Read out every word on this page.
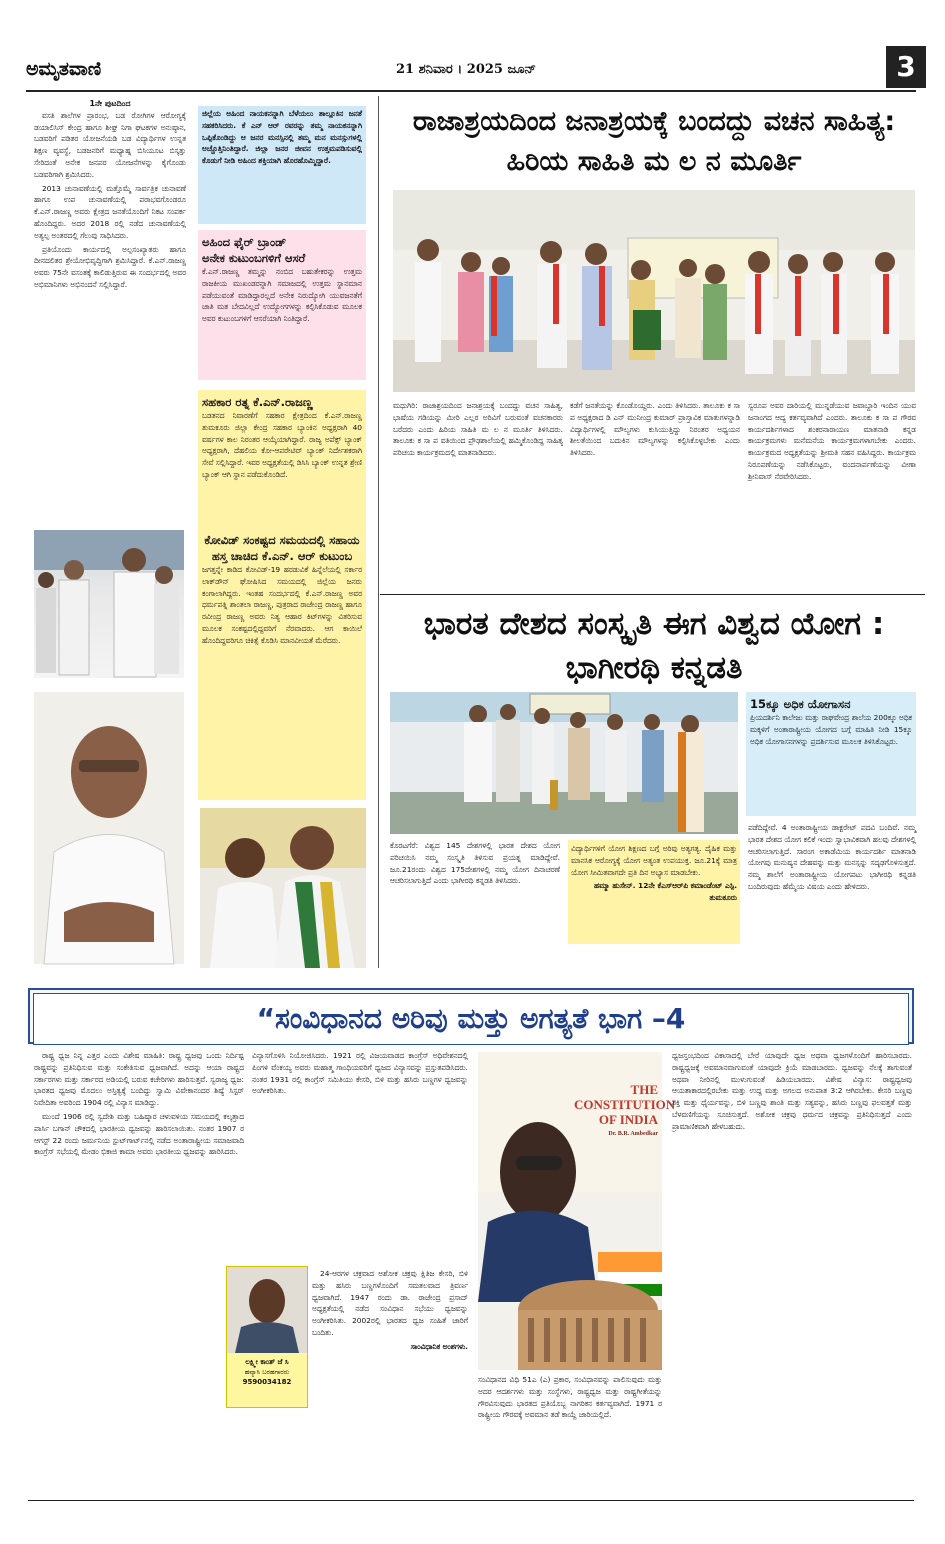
ಅಮೃತವಾಣಿ	21 ಶನಿವಾರ । 2025 ಜೂನ್	3
1ನೇ ಪುಟದಿಂದ

ವಸತಿ ಶಾಲೆಗಳ ಪ್ರಾರಂಭ, ಬಡ ರೋಗಿಗಳ ಆರೋಗ್ಯಕ್ಕೆ ಡಯಾಲಿಸಿಸ್ ಕೇಂದ್ರ ಹಾಗೂ ಶೀಘ್ರ ನಿಗಾ ಘಟಕಗಳ ಅನುಷ್ಠಾನ, ಬಡವರಿಗೆ ಪಡಿತರ ಯೋಜನೆಯಡಿ ಬಡ ವಿದ್ಯಾರ್ಥಿಗಳ ಉನ್ನತ ಶಿಕ್ಷಣ ವ್ಯವಸ್ಥೆ, ಬಡಜನರಿಗೆ ಮಧ್ಯಾಹ್ನ ಬಿಸಿಯೂಟ ಬಿಸ್ಕತ್ತು ಸೇರಿದಂತೆ ಅನೇಕ ಜನಪರ ಯೋಜನೆಗಳನ್ನು ಕೈಗೊಂಡು ಬಡವರಿಗಾಗಿ ಶ್ರಮಿಸಿದರು.

2013 ಚುನಾವಣೆಯಲ್ಲಿ ಮತ್ತೊಮ್ಮೆ ಸಾರ್ವತ್ರಿಕ ಚುನಾವಣೆ ಹಾಗೂ ಉಪ ಚುನಾವಣೆಯಲ್ಲಿ ಪರಾಭವಗೊಂಡರೂ ಕೆ.ಎನ್.ರಾಜಣ್ಣ ಅವರು ಕ್ಷೇತ್ರದ ಜನತೆಯೊಂದಿಗೆ ನಿಕಟ ಸಂಪರ್ಕ ಹೊಂದಿದ್ದರು. ಅದರ 2018 ರಲ್ಲಿ ನಡೆದ ಚುನಾವಣೆಯಲ್ಲಿ ಅತ್ಯಲ್ಪ ಅಂತರದಲ್ಲಿ ಗೆಲುವು ಸಾಧಿಸಿದರು.

ಪ್ರತಿಯೊಂದು ಕಾರ್ಯದಲ್ಲಿ ಅಲ್ಪಸಂಖ್ಯಾತರು ಹಾಗೂ ದೀನದಲಿತರ ಶ್ರೇಯೋಭಿವೃದ್ಧಿಗಾಗಿ ಶ್ರಮಿಸಿದ್ದಾರೆ. ಕೆ.ಎನ್.ರಾಜಣ್ಣ ಅವರು 75ನೇ ವಸಂತಕ್ಕೆ ಕಾಲಿಡುತ್ತಿರುವ ಈ ಸಂದರ್ಭದಲ್ಲಿ ಅವರ ಅಭಿಮಾನಿಗಳು ಅಭಿನಂದನೆ ಸಲ್ಲಿಸಿದ್ದಾರೆ.

ಜಿಲ್ಲೆಯ ಅಹಿಂದ ನಾಯಕನನ್ನಾಗಿ ಬೆಳೆಯಲು ತಾಲ್ಲೂಕಿನ ಜನತೆ ಸಹಕರಿಸಿದರು. ಕೆ ಎನ್ ಆರ್ ರವರನ್ನು ತಮ್ಮ ನಾಯಕನನ್ನಾಗಿ ಒಪ್ಪಿಕೊಂಡಿದ್ದು ಆ ಜನರ ಮನಸ್ಸಿನಲ್ಲಿ ತಮ್ಮ ಮನ ಮನಸ್ಸುಗಳಲ್ಲಿ ಅಚ್ಚೊತ್ತಿನಿಂತಿದ್ದಾರೆ. ಜಿಲ್ಲಾ ಜನರ ಜೀವನ ಉತ್ತಮಪಡಿಸುವಲ್ಲಿ ಕೊಡುಗೆ ನೀಡಿ ಅಹಿಂದ ಶಕ್ತಿಯಾಗಿ ಹೊರಹೊಮ್ಮಿದ್ದಾರೆ.
ಅಹಿಂದ ಫೈರ್ ಬ್ರಾಂಡ್
ಅನೇಕ ಕುಟುಂಬಗಳಿಗೆ ಆಸರೆ
ಕೆ.ಎನ್.ರಾಜಣ್ಣ ತಮ್ಮನ್ನು ನಂಬಿದ ಬಹುತೇಕರನ್ನು ಉತ್ತಮ ರಾಜಕೀಯ ಮುಖಂಡರನ್ನಾಗಿ ಸಮಾಜದಲ್ಲಿ ಉತ್ತಮ ಸ್ಥಾನಮಾನ ಪಡೆಯುವಂತೆ ಮಾಡಿದ್ದಾರಲ್ಲದೆ ಅನೇಕ ನಿರುದ್ಯೋಗಿ ಯುವಜನತೆಗೆ ಜಾತಿ ಮತ ಬೇದವಿಲ್ಲದೆ ಉದ್ಯೋಗಗಳನ್ನು ಕಲ್ಪಿಸಿಕೊಡುವ ಮೂಲಕ ಅವರ ಕುಟುಂಬಗಳಿಗೆ ಆಸರೆಯಾಗಿ ನಿಂತಿದ್ದಾರೆ.
ಸಹಕಾರ ರತ್ನ ಕೆ.ಎನ್.ರಾಜಣ್ಣ
ಬಡತನದ ನಿವಾರಣೆಗೆ ಸಹಕಾರ ಕ್ಷೇತ್ರದಿಂದ ಕೆ.ಎನ್.ರಾಜಣ್ಣ ತುಮಕೂರು ಜಿಲ್ಲಾ ಕೇಂದ್ರ ಸಹಕಾರ ಬ್ಯಾಂಕಿನ ಅಧ್ಯಕ್ಷರಾಗಿ 40 ವರ್ಷಗಳ ಕಾಲ ನಿರಂತರ ಆಯ್ಕೆಯಾಗಿದ್ದಾರೆ. ರಾಜ್ಯ ಅಪೆಕ್ಸ್ ಬ್ಯಾಂಕ್ ಅಧ್ಯಕ್ಷರಾಗಿ, ದೆಹಲಿಯ ಕೋ-ಆಪರೇಟಿವ್ ಬ್ಯಾಂಕ್ ನಿರ್ದೇಶಕರಾಗಿ ಸೇವೆ ಸಲ್ಲಿಸಿದ್ದಾರೆ. ಇವರ ಅಧ್ಯಕ್ಷತೆಯಲ್ಲಿ ಡಿಸಿಸಿ ಬ್ಯಾಂಕ್ ಉನ್ನತ ಶ್ರೇಣಿ ಬ್ಯಾಂಕ್ ಆಗಿ ಸ್ಥಾನ ಪಡೆದುಕೊಂಡಿದೆ.
ಕೋವಿಡ್ ಸಂಕಷ್ಟದ ಸಮಯದಲ್ಲಿ ಸಹಾಯ ಹಸ್ತ ಚಾಚಿದ ಕೆ.ಎನ್. ಆರ್ ಕುಟುಂಬ
ಜಗತ್ತನ್ನೇ ಕಾಡಿದ ಕೋವಿಡ್-19 ಹರಡುವಿಕೆ ಹಿನ್ನೆಲೆಯಲ್ಲಿ ಸರ್ಕಾರ ಲಾಕ್‌ಡೌನ್ ಘೋಷಿಸಿದ ಸಮಯದಲ್ಲಿ ಜಿಲ್ಲೆಯ ಜನರು ಕಂಗಾಲಾಗಿದ್ದರು. ಇಂತಹ ಸಂದರ್ಭದಲ್ಲಿ ಕೆ.ಎನ್.ರಾಜಣ್ಣ ಅವರ ಧರ್ಮಪತ್ನಿ ಶಾಂತಲಾ ರಾಜಣ್ಣ, ಪುತ್ರರಾದ ರಾಜೇಂದ್ರ ರಾಜಣ್ಣ ಹಾಗೂ ರವೀಂದ್ರ ರಾಜಣ್ಣ ಅವರು ನಿತ್ಯ ಆಹಾರ ಕಿಟ್‌ಗಳನ್ನು ವಿತರಿಸುವ ಮೂಲಕ ಸಂಕಷ್ಟದಲ್ಲಿದ್ದವರಿಗೆ ನೆರವಾದರು. ಆಗ ಕಾಯಿಲೆ ಹೊಂದಿದ್ದವರಿಗೂ ಚಿಕಿತ್ಸೆ ಕೊಡಿಸಿ ಮಾನವೀಯತೆ ಮೆರೆದರು.
ರಾಜಾಶ್ರಯದಿಂದ ಜನಾಶ್ರಯಕ್ಕೆ ಬಂದದ್ದು ವಚನ ಸಾಹಿತ್ಯ: ಹಿರಿಯ ಸಾಹಿತಿ ಮ ಲ ನ ಮೂರ್ತಿ
ಮಧುಗಿರಿ: ರಾಜಾಶ್ರಯದಿಂದ ಜನಾಶ್ರಯಕ್ಕೆ ಬಂದದ್ದು ವಚನ ಸಾಹಿತ್ಯ, ಭಾಷೆಯ ಗಡಿಯನ್ನು ಮೀರಿ ಎಲ್ಲರ ಅರಿವಿಗೆ ಬರುವಂತೆ ವಚನಕಾರರು ಬರೆದರು ಎಂದು ಹಿರಿಯ ಸಾಹಿತಿ ಮ ಲ ನ ಮೂರ್ತಿ ತಿಳಿಸಿದರು. ತಾಲೂಕು ಕ ಸಾ ಪ ವತಿಯಿಂದ ಪ್ರೌಢಶಾಲೆಯಲ್ಲಿ ಹಮ್ಮಿಕೊಂಡಿದ್ದ ಸಾಹಿತ್ಯ ಪರಿಚಯ ಕಾರ್ಯಕ್ರಮದಲ್ಲಿ ಮಾತನಾಡಿದರು.
ಕಡೆಗೆ ಜನತೆಯನ್ನು ಕೊಂಡೊಯ್ದರು. ಎಂದು ತಿಳಿಸಿದರು. ತಾಲೂಕು ಕ ಸಾ ಪ ಅಧ್ಯಕ್ಷರಾದ ಡಿ ಎನ್ ಮುನೀಂದ್ರ ಕುಮಾರ್ ಪ್ರಾಸ್ತಾವಿಕ ಮಾತುಗಳನ್ನಾಡಿ ವಿದ್ಯಾರ್ಥಿಗಳಲ್ಲಿ ಮೌಲ್ಯಗಳು ಕುಸಿಯುತ್ತಿದ್ದು ನಿರಂತರ ಅಧ್ಯಯನ ಶೀಲತೆಯಿಂದ ಬದುಕಿನ ಮೌಲ್ಯಗಳನ್ನು ಕಲ್ಪಿಸಿಕೊಳ್ಳಬೇಕು ಎಂದು ತಿಳಿಸಿದರು.
ಸ್ವರೂಪ ಅವರ ದಾರಿಯಲ್ಲಿ ಮುನ್ನಡೆಯುವ ಜವಾಬ್ದಾರಿ ಇಂದಿನ ಯುವ ಜನಾಂಗದ ಆದ್ಯ ಕರ್ತವ್ಯವಾಗಿದೆ ಎಂದರು. ತಾಲೂಕು ಕ ಸಾ ಪ ಗೌರವ ಕಾರ್ಯದರ್ಶಿಗಳಾದ ಶಂಕರನಾರಾಯಣ ಮಾತನಾಡಿ ಕನ್ನಡ ಕಾರ್ಯಕ್ರಮಗಳು ಮನೆಮನೆಯ ಕಾರ್ಯಕ್ರಮಗಳಾಗಬೇಕು ಎಂದರು. ಕಾರ್ಯಕ್ರಮದ ಅಧ್ಯಕ್ಷತೆಯನ್ನು ಶ್ರೀಮತಿ ಸಹನ ವಹಿಸಿದ್ದರು. ಕಾರ್ಯಕ್ರಮ ನಿರೂಪಣೆಯನ್ನು ನಡೆಸಿಕೊಟ್ಟರು, ವಂದನಾರ್ಪಣೆಯನ್ನು ವೀಣಾ ಶ್ರೀನಿವಾಸ್ ನೆರವೇರಿಸಿದರು.
ಭಾರತ ದೇಶದ ಸಂಸ್ಕೃತಿ ಈಗ ವಿಶ್ವದ ಯೋಗ : ಭಾಗೀರಥಿ ಕನ್ನಡತಿ
15ಕ್ಕೂ ಅಧಿಕ ಯೋಗಾಸನ
ಪ್ರಿಯದರ್ಶಿನಿ ಕಾಲೇಜು ಮತ್ತು ರಾಘವೇಂದ್ರ ಶಾಲೆಯ 200ಕ್ಕೂ ಅಧಿಕ ಮಕ್ಕಳಿಗೆ ಅಂತಾರಾಷ್ಟ್ರೀಯ ಯೋಗದ ಬಗ್ಗೆ ಮಾಹಿತಿ ನೀಡಿ 15ಕ್ಕೂ ಅಧಿಕ ಯೋಗಾಸನಗಳನ್ನು ಪ್ರದರ್ಶಿಸುವ ಮೂಲಕ ತಿಳಿಸಿಕೊಟ್ಟರು.
ಕೊರಟಗೆರೆ: ವಿಶ್ವದ 145 ದೇಶಗಳಲ್ಲಿ ಭಾರತ ದೇಶದ ಯೋಗ ಪರಿಚಯಿಸಿ ನಮ್ಮ ಸಂಸ್ಕೃತಿ ತಿಳಿಸುವ ಪ್ರಯತ್ನ ಮಾಡಿದ್ದೇವೆ. ಜೂ.21ರಂದು ವಿಶ್ವದ 175ದೇಶಗಳಲ್ಲಿ ನಮ್ಮ ಯೋಗ ದಿನಾಚರಣೆ ಆಚರಿಸಲಾಗುತ್ತಿದೆ ಎಂದು ಭಾಗೀರಥಿ ಕನ್ನಡತಿ ತಿಳಿಸಿದರು.
ವಿದ್ಯಾರ್ಥಿಗಳಿಗೆ ಯೋಗ ಶಿಕ್ಷಣದ ಬಗ್ಗೆ ಅರಿವು ಅತ್ಯಗತ್ಯ. ದೈಹಿಕ ಮತ್ತು ಮಾನಸಿಕ ಆರೋಗ್ಯಕ್ಕೆ ಯೋಗ ಅತ್ಯಂತ ಉಪಯುಕ್ತ. ಜೂ.21ಕ್ಕೆ ಮಾತ್ರ ಯೋಗ ಸೀಮಿತವಾಗದೇ ಪ್ರತಿ ದಿನ ಅಭ್ಯಾಸ ಮಾಡಬೇಕು.
ಹಮ್ಮಾ ಹುಸೇನ್. 12ನೇ ಕೆಎಸ್‌ಆರ್‌ಪಿ ಕಮಾಂಡೆಂಟ್ ಎಸ್ಪಿ. ತುಮಕೂರು
ಪಡೆದಿದ್ದೇವೆ. 4 ಅಂತಾರಾಷ್ಟ್ರೀಯ ಡಾಕ್ಟರೇಟ್ ಪದವಿ ಬಂದಿವೆ. ನಮ್ಮ ಭಾರತ ದೇಶದ ಯೋಗ ಕಲಿಕೆ ಇಂದು ಸ್ವಾಭಾವಿಕವಾಗಿ ಹಲವು ದೇಶಗಳಲ್ಲಿ ಆಚರಿಸಲಾಗುತ್ತಿದೆ. ಸಾರಂಗ ಅಕಾಡೆಮಿಯ ಕಾರ್ಯದರ್ಶಿ ಮಾತನಾಡಿ ಯೋಗವು ಮನುಷ್ಯನ ದೇಹವನ್ನು ಮತ್ತು ಮನಸ್ಸನ್ನು ಸದೃಢಗೊಳಿಸುತ್ತದೆ. ನಮ್ಮ ಶಾಲೆಗೆ ಅಂತಾರಾಷ್ಟ್ರೀಯ ಯೋಗಪಟು ಭಾಗೀರಥಿ ಕನ್ನಡತಿ ಬಂದಿರುವುದು ಹೆಮ್ಮೆಯ ವಿಷಯ ಎಂದು ಹೇಳಿದರು.
“ಸಂವಿಧಾನದ ಅರಿವು ಮತ್ತು ಅಗತ್ಯತೆ ಭಾಗ –4

ರಾಷ್ಟ್ರ ಧ್ವಜ ನಿನ್ನ ಎತ್ತರ ಎಂದು ವಿಶೇಷ ಮಾಹಿತಿ: ರಾಷ್ಟ್ರ ಧ್ವಜವು ಒಂದು ನಿರ್ದಿಷ್ಟ ರಾಷ್ಟ್ರವನ್ನು ಪ್ರತಿನಿಧಿಸುವ ಮತ್ತು ಸಂಕೇತಿಸುವ ಧ್ವಜವಾಗಿದೆ. ಅದನ್ನು ಆಯಾ ರಾಷ್ಟ್ರದ ಸರ್ಕಾರಗಳು ಮತ್ತು ಸರ್ಕಾರದ ಅಡಿಯಲ್ಲಿ ಬರುವ ಕಚೇರಿಗಳು ಹಾರಿಸುತ್ತವೆ. ಸ್ವರಾಜ್ಯ ಧ್ವಜ: ಭಾರತದ ಧ್ವಜವು ಮೊದಲು ಅಸ್ತಿತ್ವಕ್ಕೆ ಬಂದಿದ್ದು ಸ್ವಾಮಿ ವಿವೇಕಾನಂದರ ಶಿಷ್ಯೆ ಸಿಸ್ಟರ್ ನಿವೇದಿತಾ ಅವರಿಂದ 1904 ರಲ್ಲಿ ವಿನ್ಯಾಸ ಮಾಡಿದ್ದು.

ಮುಂದೆ 1906 ರಲ್ಲಿ ಸ್ವದೇಶಿ ಮತ್ತು ಬಹಿಷ್ಕಾರ ಚಳುವಳಿಯ ಸಮಯದಲ್ಲಿ ಕಲ್ಕತ್ತಾದ ಪಾರ್ಸಿ ಬಗಾನ್ ಚೌಕದಲ್ಲಿ ಭಾರತೀಯ ಧ್ವಜವನ್ನು ಹಾರಿಸಲಾಯಿತು. ನಂತರ 1907 ರ ಆಗಸ್ಟ್ 22 ರಂದು ಜರ್ಮನಿಯ ಸ್ಟುಟ್‌ಗಾರ್ಟ್‌ನಲ್ಲಿ ನಡೆದ ಅಂತಾರಾಷ್ಟ್ರೀಯ ಸಮಾಜವಾದಿ ಕಾಂಗ್ರೆಸ್ ಸಭೆಯಲ್ಲಿ ಮೇಡಂ ಭಿಕಾಜಿ ಕಾಮಾ ಅವರು ಭಾರತೀಯ ಧ್ವಜವನ್ನು ಹಾರಿಸಿದರು.

ವಿನ್ಯಾಸಗೊಳಿಸಿ ನಿಯೋಜಿಸಿದರು. 1921 ರಲ್ಲಿ ವಿಜಯವಾಡದ ಕಾಂಗ್ರೆಸ್ ಅಧಿವೇಶನದಲ್ಲಿ ಪಿಂಗಳಿ ವೆಂಕಯ್ಯ ಅವರು ಮಹಾತ್ಮ ಗಾಂಧಿಯವರಿಗೆ ಧ್ವಜದ ವಿನ್ಯಾಸವನ್ನು ಪ್ರಸ್ತುತಪಡಿಸಿದರು. ನಂತರ 1931 ರಲ್ಲಿ ಕಾಂಗ್ರೆಸ್ ಸಮಿತಿಯು ಕೇಸರಿ, ಬಿಳಿ ಮತ್ತು ಹಸಿರು ಬಣ್ಣಗಳ ಧ್ವಜವನ್ನು ಅಂಗೀಕರಿಸಿತು.
ಲಕ್ಷ್ಮೀ ಕಾಂತ್ ಜೆ ಸಿ
ಹವ್ಯಾಸಿ ಬರಹಗಾರರು
9590034182

24-ಆರಗಳ ಚಕ್ರವಾದ ಅಶೋಕ ಚಕ್ರವು ಕ್ಷಿತಿಜ ಕೇಸರಿ, ಬಿಳಿ ಮತ್ತು ಹಸಿರು ಬಣ್ಣಗಳೊಂದಿಗೆ ಸಮತಲವಾದ ತ್ರಿವರ್ಣ ಧ್ವಜವಾಗಿದೆ. 1947 ರಂದು ಡಾ. ರಾಜೇಂದ್ರ ಪ್ರಸಾದ್ ಅಧ್ಯಕ್ಷತೆಯಲ್ಲಿ ನಡೆದ ಸಂವಿಧಾನ ಸಭೆಯು ಧ್ವಜವನ್ನು ಅಂಗೀಕರಿಸಿತು. 2002ರಲ್ಲಿ ಭಾರತದ ಧ್ವಜ ಸಂಹಿತೆ ಜಾರಿಗೆ ಬಂದಿತು.

ಸಾಂವಿಧಾನಿಕ ಅಂಶಗಳು.

THE
CONSTITUTION
OF INDIA
Dr. B.R. Ambedkar
ಸಂವಿಧಾನದ ವಿಧಿ 51ಎ (ಎ) ಪ್ರಕಾರ, ಸಂವಿಧಾನವನ್ನು ಪಾಲಿಸುವುದು ಮತ್ತು ಅದರ ಆದರ್ಶಗಳು ಮತ್ತು ಸಂಸ್ಥೆಗಳು, ರಾಷ್ಟ್ರಧ್ವಜ ಮತ್ತು ರಾಷ್ಟ್ರಗೀತೆಯನ್ನು ಗೌರವಿಸುವುದು ಭಾರತದ ಪ್ರತಿಯೊಬ್ಬ ನಾಗರಿಕನ ಕರ್ತವ್ಯವಾಗಿದೆ. 1971 ರ ರಾಷ್ಟ್ರೀಯ ಗೌರವಕ್ಕೆ ಅವಮಾನ ತಡೆ ಕಾಯ್ದೆ ಜಾರಿಯಲ್ಲಿದೆ.
ಧ್ವಜಸ್ತಂಭದಿಂದ ವಿಕಾಸಾದಲ್ಲಿ ಬೇರೆ ಯಾವುದೇ ಧ್ವಜ ಅಥವಾ ಧ್ವಜಗಳೊಂದಿಗೆ ಹಾರಿಸಬಾರದು. ರಾಷ್ಟ್ರಧ್ವಜಕ್ಕೆ ಅವಮಾನವಾಗುವಂತೆ ಯಾವುದೇ ಕ್ರಿಯೆ ಮಾಡಬಾರದು. ಧ್ವಜವನ್ನು ನೆಲಕ್ಕೆ ತಾಗುವಂತೆ ಅಥವಾ ನೀರಿನಲ್ಲಿ ಮುಳುಗುವಂತೆ ಹಿಡಿಯಬಾರದು. ವಿಶೇಷ ವಿನ್ಯಾಸ: ರಾಷ್ಟ್ರಧ್ವಜವು ಆಯತಾಕಾರದಲ್ಲಿರಬೇಕು ಮತ್ತು ಉದ್ದ ಮತ್ತು ಅಗಲದ ಅನುಪಾತ 3:2 ಆಗಿರಬೇಕು. ಕೇಸರಿ ಬಣ್ಣವು ಶಕ್ತಿ ಮತ್ತು ಧೈರ್ಯವನ್ನು, ಬಿಳಿ ಬಣ್ಣವು ಶಾಂತಿ ಮತ್ತು ಸತ್ಯವನ್ನು, ಹಸಿರು ಬಣ್ಣವು ಫಲವತ್ತತೆ ಮತ್ತು ಬೆಳವಣಿಗೆಯನ್ನು ಸೂಚಿಸುತ್ತದೆ. ಅಶೋಕ ಚಕ್ರವು ಧರ್ಮದ ಚಕ್ರವನ್ನು ಪ್ರತಿನಿಧಿಸುತ್ತದೆ ಎಂದು ಪ್ರಾಮಾಣಿಕವಾಗಿ ಹೇಳಬಹುದು.
